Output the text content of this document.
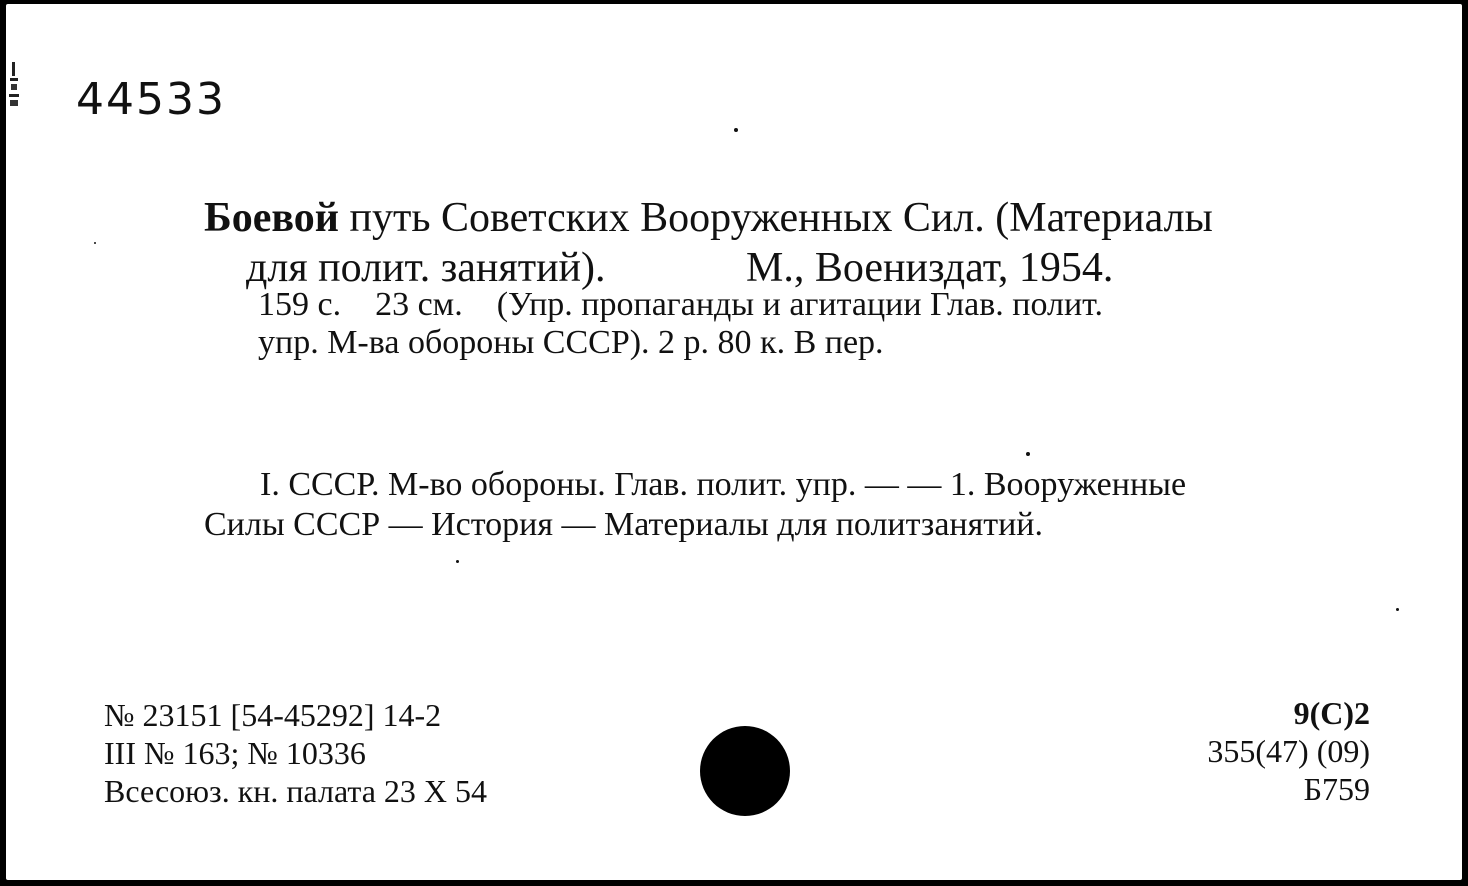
44533
Боевой путь Советских Вооруженных Сил. (Материалы
для полит. занятий).	М., Воениздат, 1954.
159 с.    23 см.    (Упр. пропаганды и агитации Глав. полит.
упр. М-ва обороны СССР). 2 р. 80 к. В пер.
I. СССР. М-во обороны. Глав. полит. упр. — — 1. Вооруженные
Силы СССР — История — Материалы для политзанятий.
№ 23151 [54-45292] 14-2
III № 163; № 10336
Всесоюз. кн. палата 23 X 54
9(С)2
355(47) (09)
Б759
